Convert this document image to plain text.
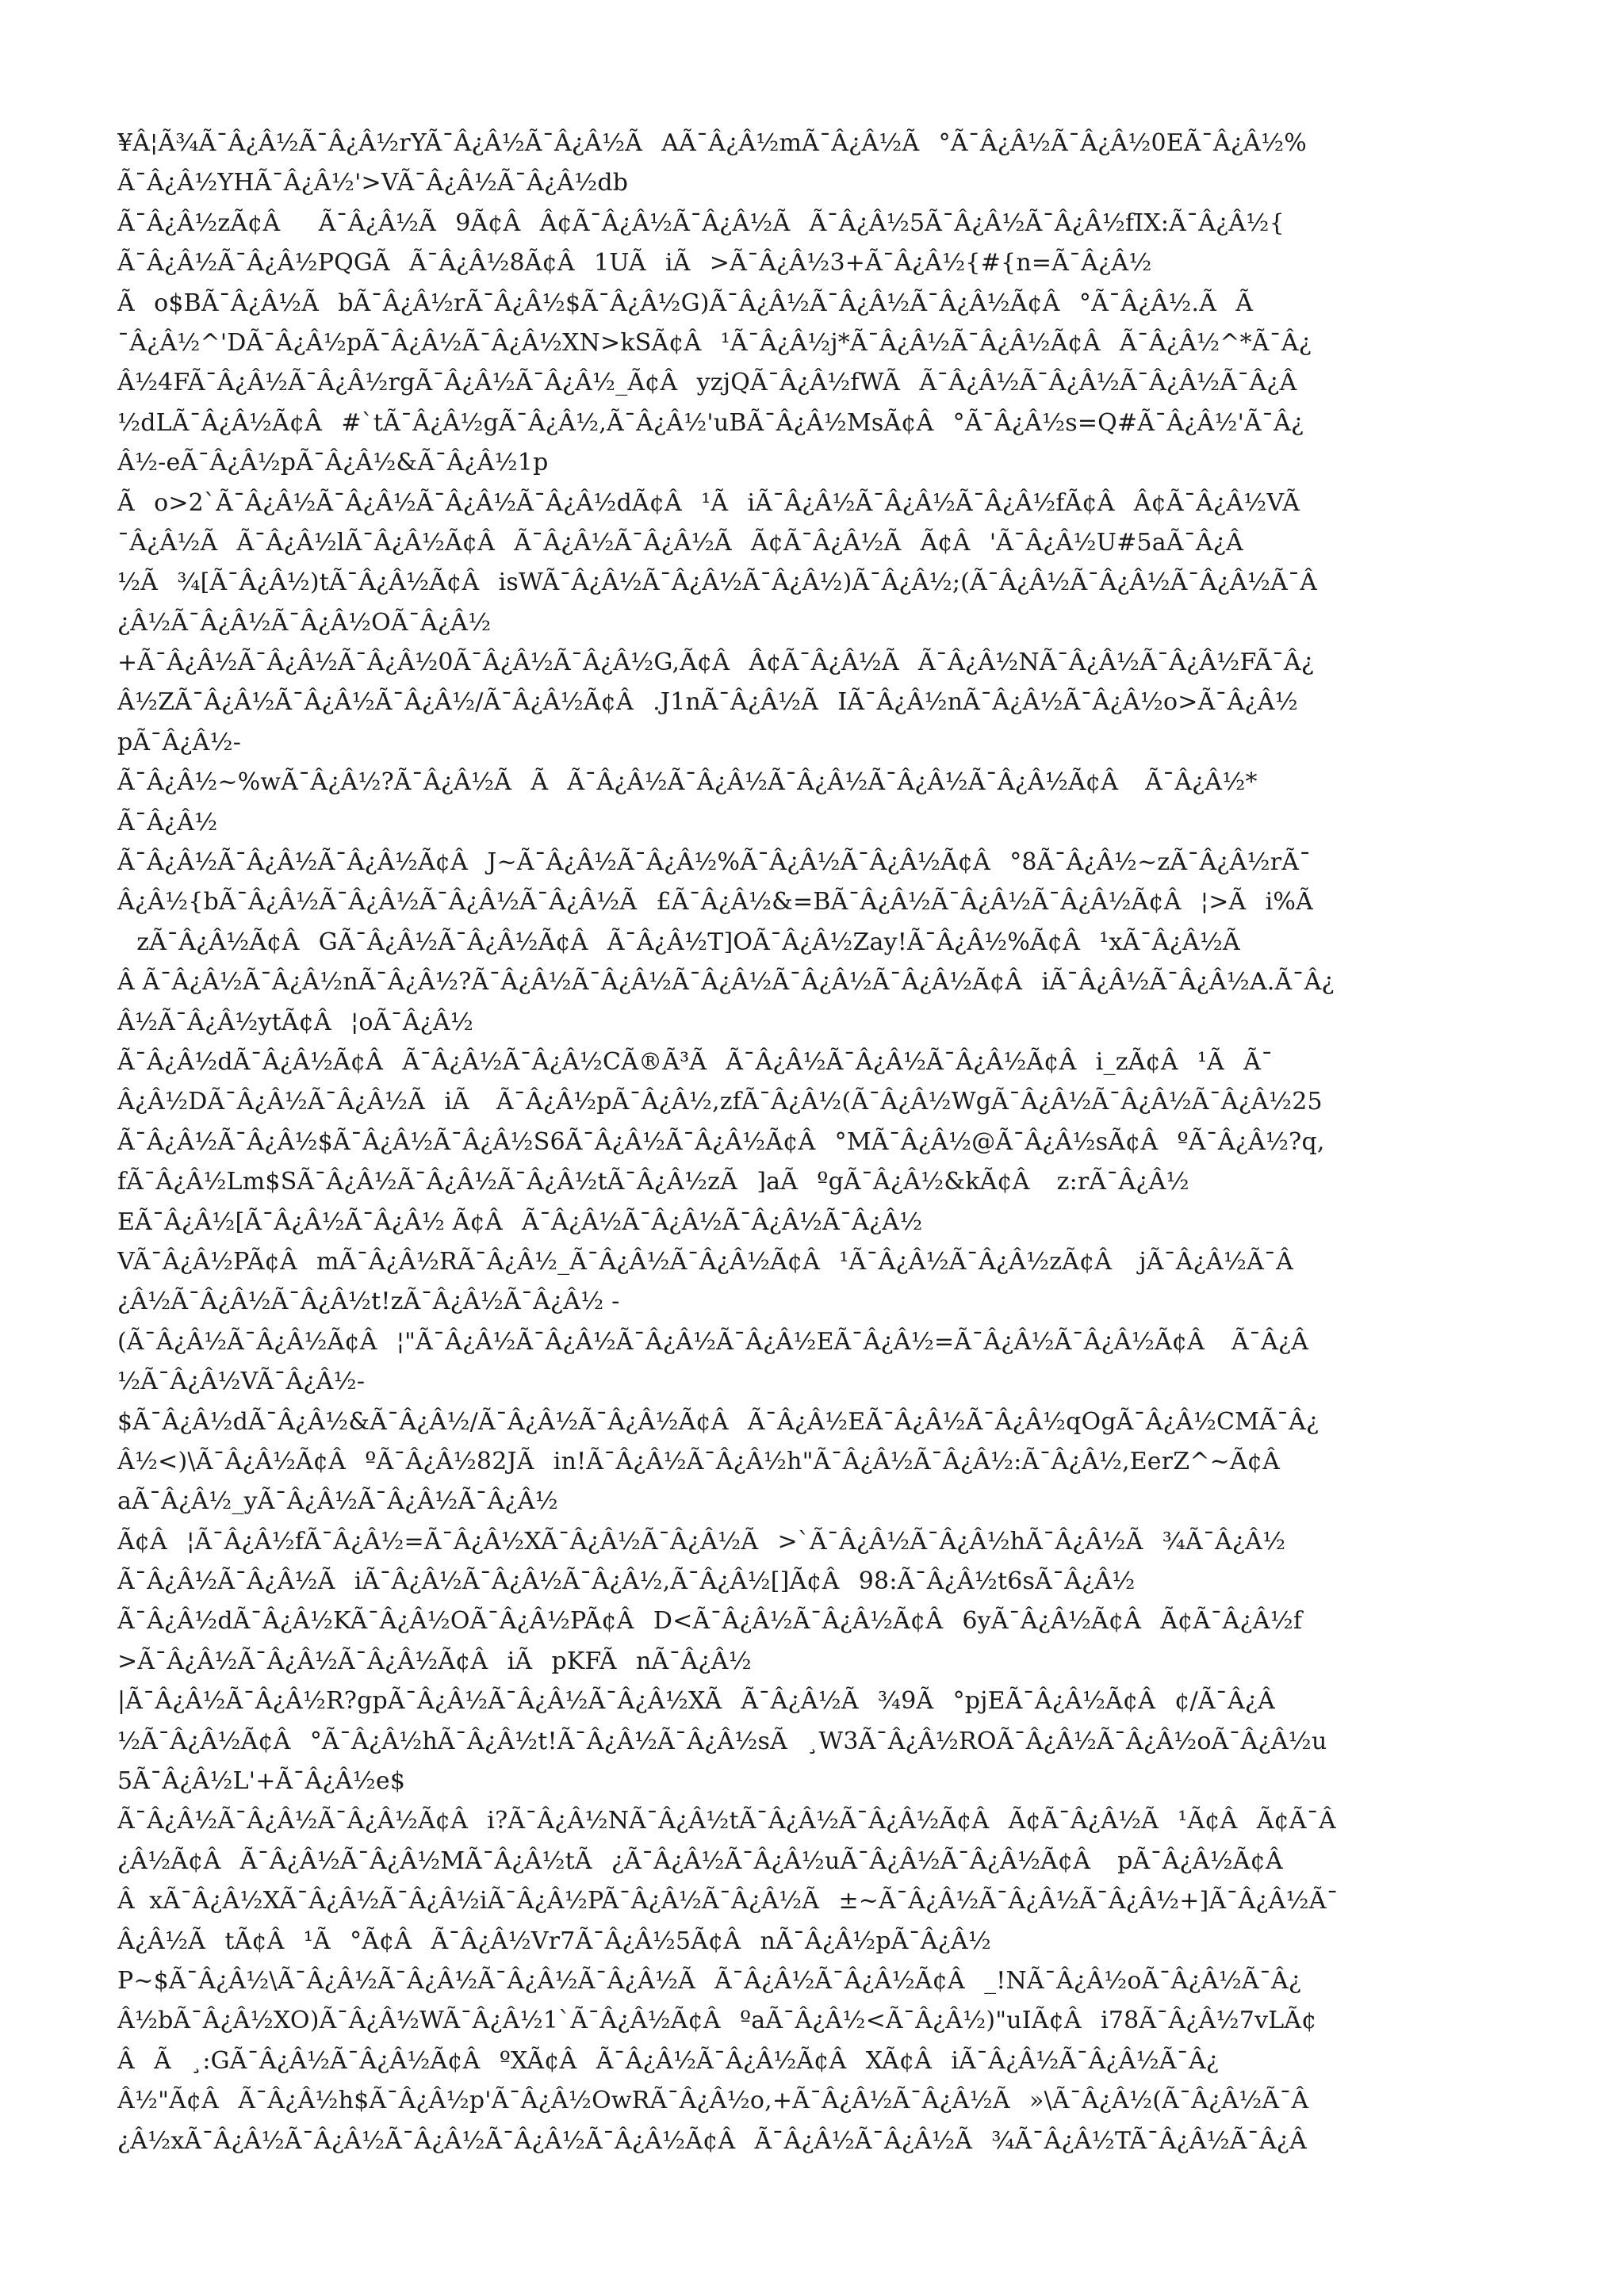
¥Â¦Ã¾Ã¯Â¿Â½Ã¯Â¿Â½rYÃ¯Â¿Â½Ã¯Â¿Â½ÃAÃ¯Â¿Â½mÃ¯Â¿Â½Ã°Ã¯Â¿Â½Ã¯Â¿Â½0EÃ¯Â¿Â½%
Ã¯Â¿Â½YHÃ¯Â¿Â½'>VÃ¯Â¿Â½Ã¯Â¿Â½db
Ã¯Â¿Â½zÃ¢ÂÃ¯Â¿Â½Ã9Ã¢ÂÂ¢Ã¯Â¿Â½Ã¯Â¿Â½ÃÃ¯Â¿Â½5Ã¯Â¿Â½Ã¯Â¿Â½fIX:Ã¯Â¿Â½{
Ã¯Â¿Â½Ã¯Â¿Â½PQGÃÃ¯Â¿Â½8Ã¢Â1UÃiÃ>Ã¯Â¿Â½3+Ã¯Â¿Â½{#{n=Ã¯Â¿Â½
Ão$BÃ¯Â¿Â½ÃbÃ¯Â¿Â½rÃ¯Â¿Â½$Ã¯Â¿Â½G)Ã¯Â¿Â½Ã¯Â¿Â½Ã¯Â¿Â½Ã¢Â°Ã¯Â¿Â½.ÃÃ
¯Â¿Â½^'DÃ¯Â¿Â½pÃ¯Â¿Â½Ã¯Â¿Â½XN>kSÃ¢Â¹Ã¯Â¿Â½j*Ã¯Â¿Â½Ã¯Â¿Â½Ã¢ÂÃ¯Â¿Â½^*Ã¯Â¿
Â½4FÃ¯Â¿Â½Ã¯Â¿Â½rgÃ¯Â¿Â½Ã¯Â¿Â½_Ã¢ÂyzjQÃ¯Â¿Â½fWÃÃ¯Â¿Â½Ã¯Â¿Â½Ã¯Â¿Â½Ã¯Â¿Â
½dLÃ¯Â¿Â½Ã¢Â#`tÃ¯Â¿Â½gÃ¯Â¿Â½,Ã¯Â¿Â½'uBÃ¯Â¿Â½MsÃ¢Â°Ã¯Â¿Â½s=Q#Ã¯Â¿Â½'Ã¯Â¿
Â½-eÃ¯Â¿Â½pÃ¯Â¿Â½&Ã¯Â¿Â½1p
Ão>2`Ã¯Â¿Â½Ã¯Â¿Â½Ã¯Â¿Â½Ã¯Â¿Â½dÃ¢Â¹ÃiÃ¯Â¿Â½Ã¯Â¿Â½Ã¯Â¿Â½fÃ¢ÂÂ¢Ã¯Â¿Â½VÃ
¯Â¿Â½ÃÃ¯Â¿Â½lÃ¯Â¿Â½Ã¢ÂÃ¯Â¿Â½Ã¯Â¿Â½ÃÃ¢Ã¯Â¿Â½ÃÃ¢Â'Ã¯Â¿Â½U#5aÃ¯Â¿Â
½Ã¾[Ã¯Â¿Â½)tÃ¯Â¿Â½Ã¢ÂisWÃ¯Â¿Â½Ã¯Â¿Â½Ã¯Â¿Â½)Ã¯Â¿Â½;(Ã¯Â¿Â½Ã¯Â¿Â½Ã¯Â¿Â½Ã¯Â
¿Â½Ã¯Â¿Â½Ã¯Â¿Â½OÃ¯Â¿Â½
+Ã¯Â¿Â½Ã¯Â¿Â½Ã¯Â¿Â½0Ã¯Â¿Â½Ã¯Â¿Â½G,Ã¢ÂÂ¢Ã¯Â¿Â½ÃÃ¯Â¿Â½NÃ¯Â¿Â½Ã¯Â¿Â½FÃ¯Â¿
Â½ZÃ¯Â¿Â½Ã¯Â¿Â½Ã¯Â¿Â½/Ã¯Â¿Â½Ã¢Â.J1nÃ¯Â¿Â½ÃIÃ¯Â¿Â½nÃ¯Â¿Â½Ã¯Â¿Â½o>Ã¯Â¿Â½
pÃ¯Â¿Â½-
Ã¯Â¿Â½~%wÃ¯Â¿Â½?Ã¯Â¿Â½ÃÃÃ¯Â¿Â½Ã¯Â¿Â½Ã¯Â¿Â½Ã¯Â¿Â½Ã¯Â¿Â½Ã¢Â Ã¯Â¿Â½*
Ã¯Â¿Â½
Ã¯Â¿Â½Ã¯Â¿Â½Ã¯Â¿Â½Ã¢ÂJ~Ã¯Â¿Â½Ã¯Â¿Â½%Ã¯Â¿Â½Ã¯Â¿Â½Ã¢Â°8Ã¯Â¿Â½~zÃ¯Â¿Â½rÃ¯
Â¿Â½{bÃ¯Â¿Â½Ã¯Â¿Â½Ã¯Â¿Â½Ã¯Â¿Â½Ã£Ã¯Â¿Â½&=BÃ¯Â¿Â½Ã¯Â¿Â½Ã¯Â¿Â½Ã¢Â¦>Ãi%Ã
zÃ¯Â¿Â½Ã¢ÂGÃ¯Â¿Â½Ã¯Â¿Â½Ã¢ÂÃ¯Â¿Â½T]OÃ¯Â¿Â½Zay!Ã¯Â¿Â½%Ã¢Â¹xÃ¯Â¿Â½Ã
Â Ã¯Â¿Â½Ã¯Â¿Â½nÃ¯Â¿Â½?Ã¯Â¿Â½Ã¯Â¿Â½Ã¯Â¿Â½Ã¯Â¿Â½Ã¯Â¿Â½Ã¢ÂiÃ¯Â¿Â½Ã¯Â¿Â½A.Ã¯Â¿
Â½Ã¯Â¿Â½ytÃ¢Â¦oÃ¯Â¿Â½
Ã¯Â¿Â½dÃ¯Â¿Â½Ã¢ÂÃ¯Â¿Â½Ã¯Â¿Â½CÃ®Ã³ÃÃ¯Â¿Â½Ã¯Â¿Â½Ã¯Â¿Â½Ã¢Âi_zÃ¢Â¹ÃÃ¯
Â¿Â½DÃ¯Â¿Â½Ã¯Â¿Â½ÃiÃ Ã¯Â¿Â½pÃ¯Â¿Â½,zfÃ¯Â¿Â½(Ã¯Â¿Â½WgÃ¯Â¿Â½Ã¯Â¿Â½Ã¯Â¿Â½25
Ã¯Â¿Â½Ã¯Â¿Â½$Ã¯Â¿Â½Ã¯Â¿Â½S6Ã¯Â¿Â½Ã¯Â¿Â½Ã¢Â°MÃ¯Â¿Â½@Ã¯Â¿Â½sÃ¢ÂºÃ¯Â¿Â½?q,
fÃ¯Â¿Â½Lm$SÃ¯Â¿Â½Ã¯Â¿Â½Ã¯Â¿Â½tÃ¯Â¿Â½zÃ]aÃºgÃ¯Â¿Â½&kÃ¢Â z:rÃ¯Â¿Â½
EÃ¯Â¿Â½[Ã¯Â¿Â½Ã¯Â¿Â½ Ã¢ÂÃ¯Â¿Â½Ã¯Â¿Â½Ã¯Â¿Â½Ã¯Â¿Â½
VÃ¯Â¿Â½PÃ¢ÂmÃ¯Â¿Â½RÃ¯Â¿Â½_Ã¯Â¿Â½Ã¯Â¿Â½Ã¢Â¹Ã¯Â¿Â½Ã¯Â¿Â½zÃ¢Â jÃ¯Â¿Â½Ã¯Â
¿Â½Ã¯Â¿Â½Ã¯Â¿Â½t!zÃ¯Â¿Â½Ã¯Â¿Â½ -
(Ã¯Â¿Â½Ã¯Â¿Â½Ã¢Â¦"Ã¯Â¿Â½Ã¯Â¿Â½Ã¯Â¿Â½Ã¯Â¿Â½EÃ¯Â¿Â½=Ã¯Â¿Â½Ã¯Â¿Â½Ã¢Â Ã¯Â¿Â
½Ã¯Â¿Â½VÃ¯Â¿Â½-
$Ã¯Â¿Â½dÃ¯Â¿Â½&Ã¯Â¿Â½/Ã¯Â¿Â½Ã¯Â¿Â½Ã¢ÂÃ¯Â¿Â½EÃ¯Â¿Â½Ã¯Â¿Â½qOgÃ¯Â¿Â½CMÃ¯Â¿
Â½<)\Ã¯Â¿Â½Ã¢ÂºÃ¯Â¿Â½82JÃin!Ã¯Â¿Â½Ã¯Â¿Â½h"Ã¯Â¿Â½Ã¯Â¿Â½:Ã¯Â¿Â½,EerZ^~Ã¢Â
aÃ¯Â¿Â½_yÃ¯Â¿Â½Ã¯Â¿Â½Ã¯Â¿Â½
Ã¢Â¦Ã¯Â¿Â½fÃ¯Â¿Â½=Ã¯Â¿Â½XÃ¯Â¿Â½Ã¯Â¿Â½Ã>`Ã¯Â¿Â½Ã¯Â¿Â½hÃ¯Â¿Â½Ã¾Ã¯Â¿Â½
Ã¯Â¿Â½Ã¯Â¿Â½ÃiÃ¯Â¿Â½Ã¯Â¿Â½Ã¯Â¿Â½,Ã¯Â¿Â½[]Ã¢Â98:Ã¯Â¿Â½t6sÃ¯Â¿Â½
Ã¯Â¿Â½dÃ¯Â¿Â½KÃ¯Â¿Â½OÃ¯Â¿Â½PÃ¢ÂD<Ã¯Â¿Â½Ã¯Â¿Â½Ã¢Â6yÃ¯Â¿Â½Ã¢ÂÃ¢Ã¯Â¿Â½f
>Ã¯Â¿Â½Ã¯Â¿Â½Ã¯Â¿Â½Ã¢ÂiÃpKFÃnÃ¯Â¿Â½
|Ã¯Â¿Â½Ã¯Â¿Â½R?gpÃ¯Â¿Â½Ã¯Â¿Â½Ã¯Â¿Â½XÃÃ¯Â¿Â½Ã¾9Ã°pjEÃ¯Â¿Â½Ã¢Â¢/Ã¯Â¿Â
½Ã¯Â¿Â½Ã¢Â°Ã¯Â¿Â½hÃ¯Â¿Â½t!Ã¯Â¿Â½Ã¯Â¿Â½sÃ¸W3Ã¯Â¿Â½ROÃ¯Â¿Â½Ã¯Â¿Â½oÃ¯Â¿Â½u
5Ã¯Â¿Â½L'+Ã¯Â¿Â½e$
Ã¯Â¿Â½Ã¯Â¿Â½Ã¯Â¿Â½Ã¢Âi?Ã¯Â¿Â½NÃ¯Â¿Â½tÃ¯Â¿Â½Ã¯Â¿Â½Ã¢ÂÃ¢Ã¯Â¿Â½Ã¹Ã¢ÂÃ¢Ã¯Â
¿Â½Ã¢ÂÃ¯Â¿Â½Ã¯Â¿Â½MÃ¯Â¿Â½tÃ¿Ã¯Â¿Â½Ã¯Â¿Â½uÃ¯Â¿Â½Ã¯Â¿Â½Ã¢Â pÃ¯Â¿Â½Ã¢Â
ÂxÃ¯Â¿Â½XÃ¯Â¿Â½Ã¯Â¿Â½iÃ¯Â¿Â½PÃ¯Â¿Â½Ã¯Â¿Â½Ã±~Ã¯Â¿Â½Ã¯Â¿Â½Ã¯Â¿Â½+]Ã¯Â¿Â½Ã¯
Â¿Â½ÃtÃ¢Â¹Ã°Ã¢ÂÃ¯Â¿Â½Vr7Ã¯Â¿Â½5Ã¢ÂnÃ¯Â¿Â½pÃ¯Â¿Â½
P~$Ã¯Â¿Â½\Ã¯Â¿Â½Ã¯Â¿Â½Ã¯Â¿Â½Ã¯Â¿Â½ÃÃ¯Â¿Â½Ã¯Â¿Â½Ã¢Â_!NÃ¯Â¿Â½oÃ¯Â¿Â½Ã¯Â¿
Â½bÃ¯Â¿Â½XO)Ã¯Â¿Â½WÃ¯Â¿Â½1`Ã¯Â¿Â½Ã¢ÂºaÃ¯Â¿Â½<Ã¯Â¿Â½)"uIÃ¢Âi78Ã¯Â¿Â½7vLÃ¢
ÂÃ¸:GÃ¯Â¿Â½Ã¯Â¿Â½Ã¢ÂºXÃ¢ÂÃ¯Â¿Â½Ã¯Â¿Â½Ã¢ÂXÃ¢ÂiÃ¯Â¿Â½Ã¯Â¿Â½Ã¯Â¿
Â½"Ã¢ÂÃ¯Â¿Â½h$Ã¯Â¿Â½p'Ã¯Â¿Â½OwRÃ¯Â¿Â½o,+Ã¯Â¿Â½Ã¯Â¿Â½Ã»\Ã¯Â¿Â½(Ã¯Â¿Â½Ã¯Â
¿Â½xÃ¯Â¿Â½Ã¯Â¿Â½Ã¯Â¿Â½Ã¯Â¿Â½Ã¯Â¿Â½Ã¢ÂÃ¯Â¿Â½Ã¯Â¿Â½Ã¾Ã¯Â¿Â½TÃ¯Â¿Â½Ã¯Â¿Â
